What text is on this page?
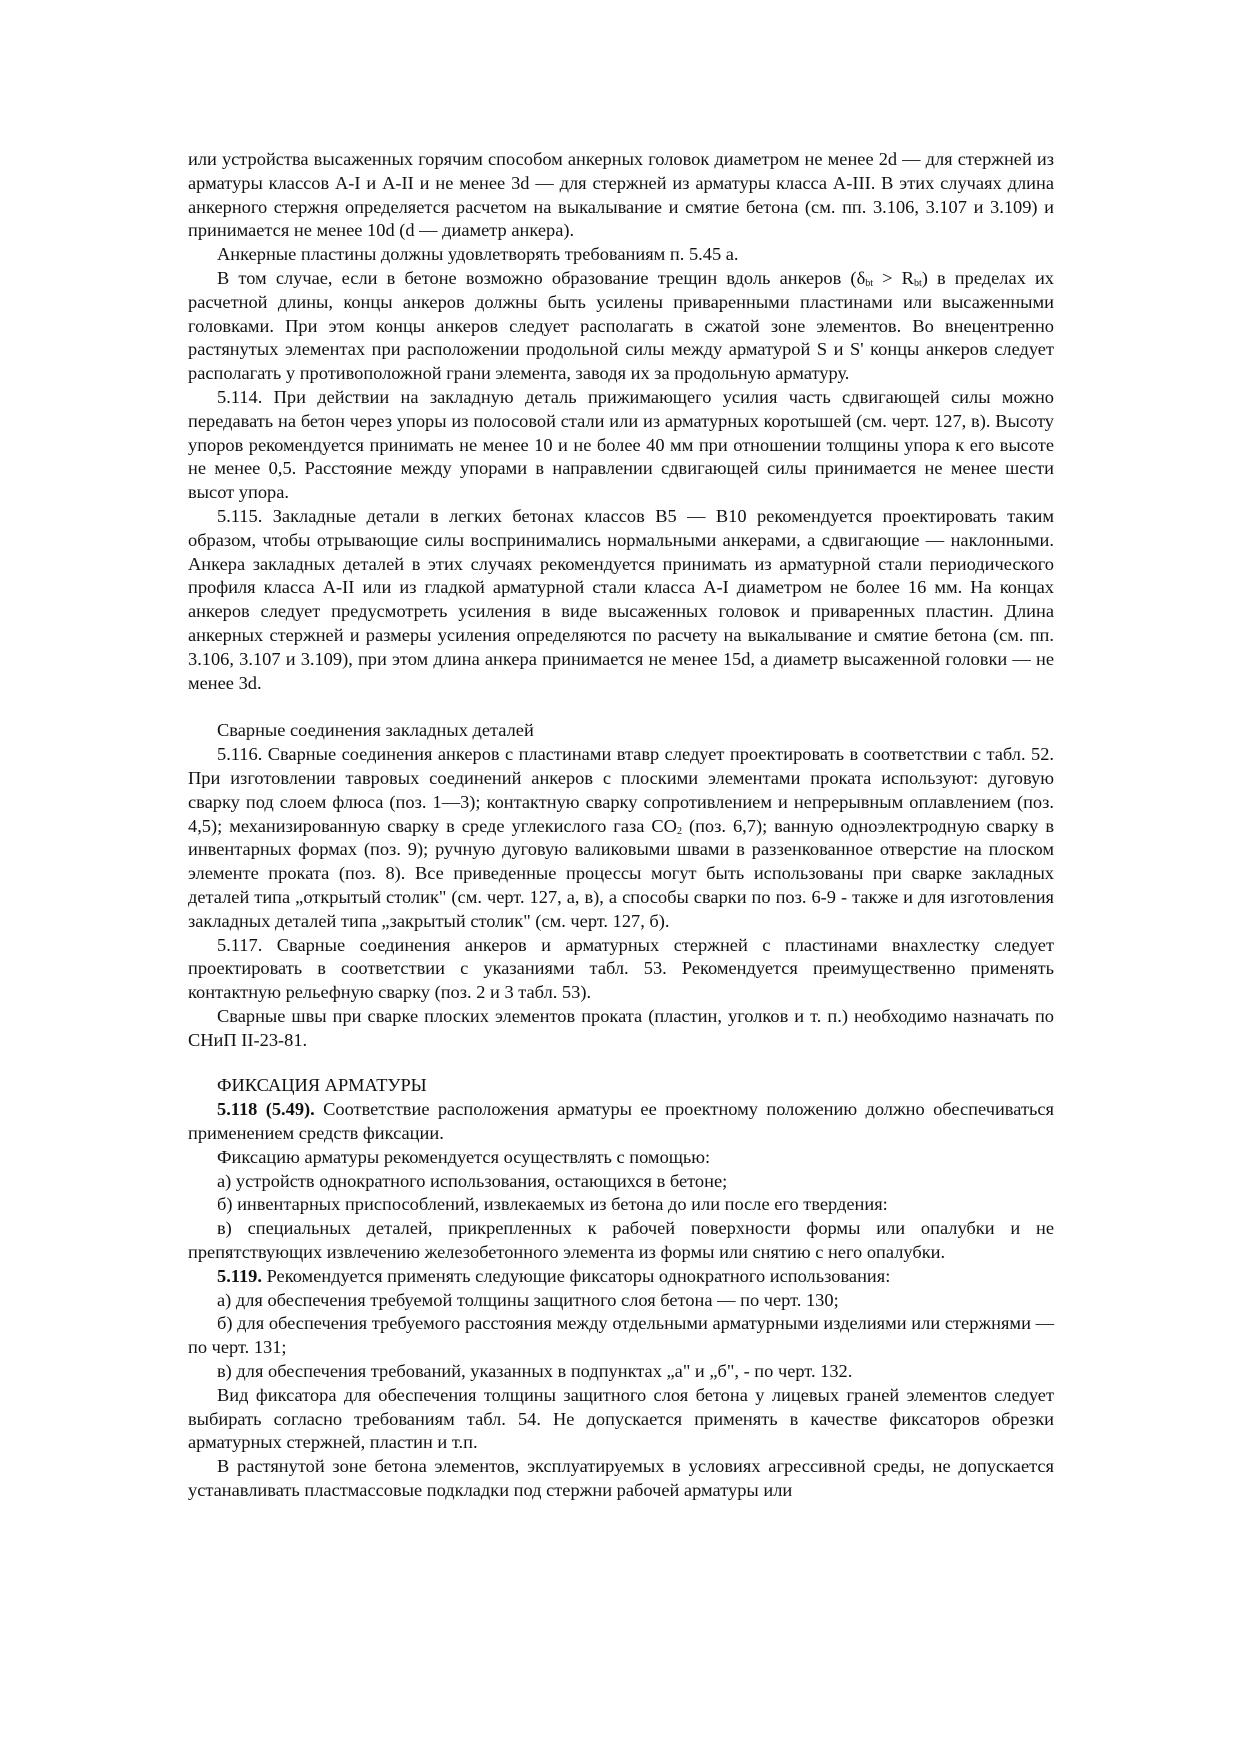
или устройства высаженных горячим способом анкерных головок диаметром не менее 2d — для стержней из арматуры классов А-I и А-II и не менее 3d — для стержней из арматуры класса А-III. В этих случаях длина анкерного стержня определяется расчетом на выкалывание и смятие бетона (см. пп. 3.106, 3.107 и 3.109) и принимается не менее 10d (d — диаметр анкера).

Анкерные пластины должны удовлетворять требованиям п. 5.45 а.

В том случае, если в бетоне возможно образование трещин вдоль анкеров $(\delta_{bt} > R_{bt})$ в пределах их расчетной длины, концы анкеров должны быть усилены приваренными пластинами или высаженными головками. При этом концы анкеров следует располагать в сжатой зоне элементов. Во внецентренно растянутых элементах при расположении продольной силы между арматурой S и S' концы анкеров следует располагать у противоположной грани элемента, заводя их за продольную арматуру.

5.114. При действии на закладную деталь прижимающего усилия часть сдвигающей силы можно передавать на бетон через упоры из полосовой стали или из арматурных коротышей (см. черт. 127, в). Высоту упоров рекомендуется принимать не менее 10 и не более 40 мм при отношении толщины упора к его высоте не менее 0,5. Расстояние между упорами в направлении сдвигающей силы принимается не менее шести высот упора.

5.115. Закладные детали в легких бетонах классов В5 — В10 рекомендуется проектировать таким образом, чтобы отрывающие силы воспринимались нормальными анкерами, а сдвигающие — наклонными. Анкера закладных деталей в этих случаях рекомендуется принимать из арматурной стали периодического профиля класса А-II или из гладкой арматурной стали класса А-I диаметром не более 16 мм. На концах анкеров следует предусмотреть усиления в виде высаженных головок и приваренных пластин. Длина анкерных стержней и размеры усиления определяются по расчету на выкалывание и смятие бетона (см. пп. 3.106, 3.107 и 3.109), при этом длина анкера принимается не менее 15d, а диаметр высаженной головки — не менее 3d.

Сварные соединения закладных деталей

5.116. Сварные соединения анкеров с пластинами втавр следует проектировать в соответствии с табл. 52. При изготовлении тавровых соединений анкеров с плоскими элементами проката используют: дуговую сварку под слоем флюса (поз. 1—3); контактную сварку сопротивлением и непрерывным оплавлением (поз. 4,5); механизированную сварку в среде углекислого газа $СО_2$ (поз. 6,7); ванную одноэлектродную сварку в инвентарных формах (поз. 9); ручную дуговую валиковыми швами в раззенкованное отверстие на плоском элементе проката (поз. 8). Все приведенные процессы могут быть использованы при сварке закладных деталей типа „открытый столик" (см. черт. 127, а, в), а способы сварки по поз. 6-9 - также и для изготовления закладных деталей типа „закрытый столик" (см. черт. 127, б).

5.117. Сварные соединения анкеров и арматурных стержней с пластинами внахлестку следует проектировать в соответствии с указаниями табл. 53. Рекомендуется преимущественно применять контактную рельефную сварку (поз. 2 и 3 табл. 53).

Сварные швы при сварке плоских элементов проката (пластин, уголков и т. п.) необходимо назначать по СНиП II-23-81.

ФИКСАЦИЯ АРМАТУРЫ

5.118 (5.49). Соответствие расположения арматуры ее проектному положению должно обеспечиваться применением средств фиксации.

Фиксацию арматуры рекомендуется осуществлять с помощью:

а) устройств однократного использования, остающихся в бетоне;

б) инвентарных приспособлений, извлекаемых из бетона до или после его твердения:

в) специальных деталей, прикрепленных к рабочей поверхности формы или опалубки и не препятствующих извлечению железобетонного элемента из формы или снятию с него опалубки.

5.119. Рекомендуется применять следующие фиксаторы однократного использования:

а) для обеспечения требуемой толщины защитного слоя бетона — по черт. 130;

б) для обеспечения требуемого расстояния между отдельными арматурными изделиями или стержнями — по черт. 131;

в) для обеспечения требований, указанных в подпунктах „а" и „б", - по черт. 132.

Вид фиксатора для обеспечения толщины защитного слоя бетона у лицевых граней элементов следует выбирать согласно требованиям табл. 54. Не допускается применять в качестве фиксаторов обрезки арматурных стержней, пластин и т.п.

В растянутой зоне бетона элементов, эксплуатируемых в условиях агрессивной среды, не допускается устанавливать пластмассовые подкладки под стержни рабочей арматуры или
